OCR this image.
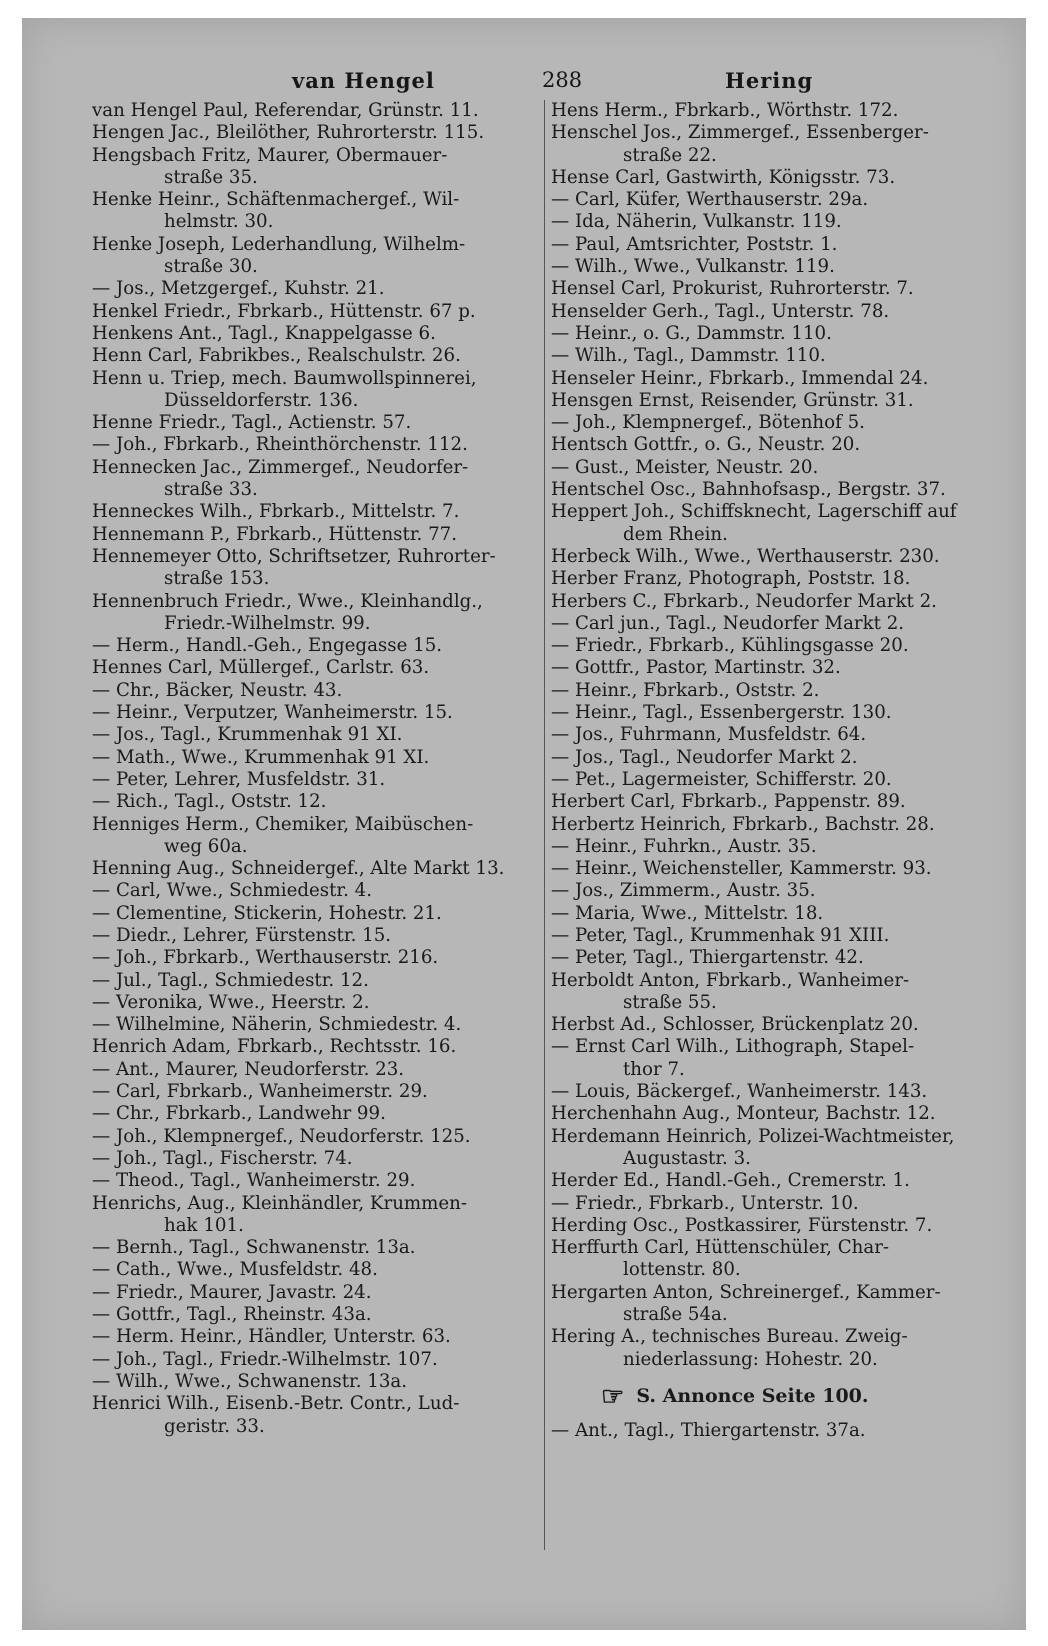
van Hengel	288	Hering
van Hengel Paul, Referendar, Grünstr. 11.
Hengen Jac., Bleilöther, Ruhrorterstr. 115.
Hengsbach Fritz, Maurer, Obermauer-
straße 35.
Henke Heinr., Schäftenmachergef., Wil-
helmstr. 30.
Henke Joseph, Lederhandlung, Wilhelm-
straße 30.
— Jos., Metzgergef., Kuhstr. 21.
Henkel Friedr., Fbrkarb., Hüttenstr. 67 p.
Henkens Ant., Tagl., Knappelgasse 6.
Henn Carl, Fabrikbes., Realschulstr. 26.
Henn u. Triep, mech. Baumwollspinnerei,
Düsseldorferstr. 136.
Henne Friedr., Tagl., Actienstr. 57.
— Joh., Fbrkarb., Rheinthörchenstr. 112.
Hennecken Jac., Zimmergef., Neudorfer-
straße 33.
Henneckes Wilh., Fbrkarb., Mittelstr. 7.
Hennemann P., Fbrkarb., Hüttenstr. 77.
Hennemeyer Otto, Schriftsetzer, Ruhrorter-
straße 153.
Hennenbruch Friedr., Wwe., Kleinhandlg.,
Friedr.-Wilhelmstr. 99.
— Herm., Handl.-Geh., Engegasse 15.
Hennes Carl, Müllergef., Carlstr. 63.
— Chr., Bäcker, Neustr. 43.
— Heinr., Verputzer, Wanheimerstr. 15.
— Jos., Tagl., Krummenhak 91 XI.
— Math., Wwe., Krummenhak 91 XI.
— Peter, Lehrer, Musfeldstr. 31.
— Rich., Tagl., Oststr. 12.
Henniges Herm., Chemiker, Maibüschen-
weg 60a.
Henning Aug., Schneidergef., Alte Markt 13.
— Carl, Wwe., Schmiedestr. 4.
— Clementine, Stickerin, Hohestr. 21.
— Diedr., Lehrer, Fürstenstr. 15.
— Joh., Fbrkarb., Werthauserstr. 216.
— Jul., Tagl., Schmiedestr. 12.
— Veronika, Wwe., Heerstr. 2.
— Wilhelmine, Näherin, Schmiedestr. 4.
Henrich Adam, Fbrkarb., Rechtsstr. 16.
— Ant., Maurer, Neudorferstr. 23.
— Carl, Fbrkarb., Wanheimerstr. 29.
— Chr., Fbrkarb., Landwehr 99.
— Joh., Klempnergef., Neudorferstr. 125.
— Joh., Tagl., Fischerstr. 74.
— Theod., Tagl., Wanheimerstr. 29.
Henrichs, Aug., Kleinhändler, Krummen-
hak 101.
— Bernh., Tagl., Schwanenstr. 13a.
— Cath., Wwe., Musfeldstr. 48.
— Friedr., Maurer, Javastr. 24.
— Gottfr., Tagl., Rheinstr. 43a.
— Herm. Heinr., Händler, Unterstr. 63.
— Joh., Tagl., Friedr.-Wilhelmstr. 107.
— Wilh., Wwe., Schwanenstr. 13a.
Henrici Wilh., Eisenb.-Betr. Contr., Lud-
geristr. 33.
Hens Herm., Fbrkarb., Wörthstr. 172.
Henschel Jos., Zimmergef., Essenberger-
straße 22.
Hense Carl, Gastwirth, Königsstr. 73.
— Carl, Küfer, Werthauserstr. 29a.
— Ida, Näherin, Vulkanstr. 119.
— Paul, Amtsrichter, Poststr. 1.
— Wilh., Wwe., Vulkanstr. 119.
Hensel Carl, Prokurist, Ruhrorterstr. 7.
Henselder Gerh., Tagl., Unterstr. 78.
— Heinr., o. G., Dammstr. 110.
— Wilh., Tagl., Dammstr. 110.
Henseler Heinr., Fbrkarb., Immendal 24.
Hensgen Ernst, Reisender, Grünstr. 31.
— Joh., Klempnergef., Bötenhof 5.
Hentsch Gottfr., o. G., Neustr. 20.
— Gust., Meister, Neustr. 20.
Hentschel Osc., Bahnhofsasp., Bergstr. 37.
Heppert Joh., Schiffsknecht, Lagerschiff auf
dem Rhein.
Herbeck Wilh., Wwe., Werthauserstr. 230.
Herber Franz, Photograph, Poststr. 18.
Herbers C., Fbrkarb., Neudorfer Markt 2.
— Carl jun., Tagl., Neudorfer Markt 2.
— Friedr., Fbrkarb., Kühlingsgasse 20.
— Gottfr., Pastor, Martinstr. 32.
— Heinr., Fbrkarb., Oststr. 2.
— Heinr., Tagl., Essenbergerstr. 130.
— Jos., Fuhrmann, Musfeldstr. 64.
— Jos., Tagl., Neudorfer Markt 2.
— Pet., Lagermeister, Schifferstr. 20.
Herbert Carl, Fbrkarb., Pappenstr. 89.
Herbertz Heinrich, Fbrkarb., Bachstr. 28.
— Heinr., Fuhrkn., Austr. 35.
— Heinr., Weichensteller, Kammerstr. 93.
— Jos., Zimmerm., Austr. 35.
— Maria, Wwe., Mittelstr. 18.
— Peter, Tagl., Krummenhak 91 XIII.
— Peter, Tagl., Thiergartenstr. 42.
Herboldt Anton, Fbrkarb., Wanheimer-
straße 55.
Herbst Ad., Schlosser, Brückenplatz 20.
— Ernst Carl Wilh., Lithograph, Stapel-
thor 7.
— Louis, Bäckergef., Wanheimerstr. 143.
Herchenhahn Aug., Monteur, Bachstr. 12.
Herdemann Heinrich, Polizei-Wachtmeister,
Augustastr. 3.
Herder Ed., Handl.-Geh., Cremerstr. 1.
— Friedr., Fbrkarb., Unterstr. 10.
Herding Osc., Postkassirer, Fürstenstr. 7.
Herffurth Carl, Hüttenschüler, Char-
lottenstr. 80.
Hergarten Anton, Schreinergef., Kammer-
straße 54a.
Hering A., technisches Bureau. Zweig-
niederlassung: Hohestr. 20.
☞ S. Annonce Seite 100.
— Ant., Tagl., Thiergartenstr. 37a.
